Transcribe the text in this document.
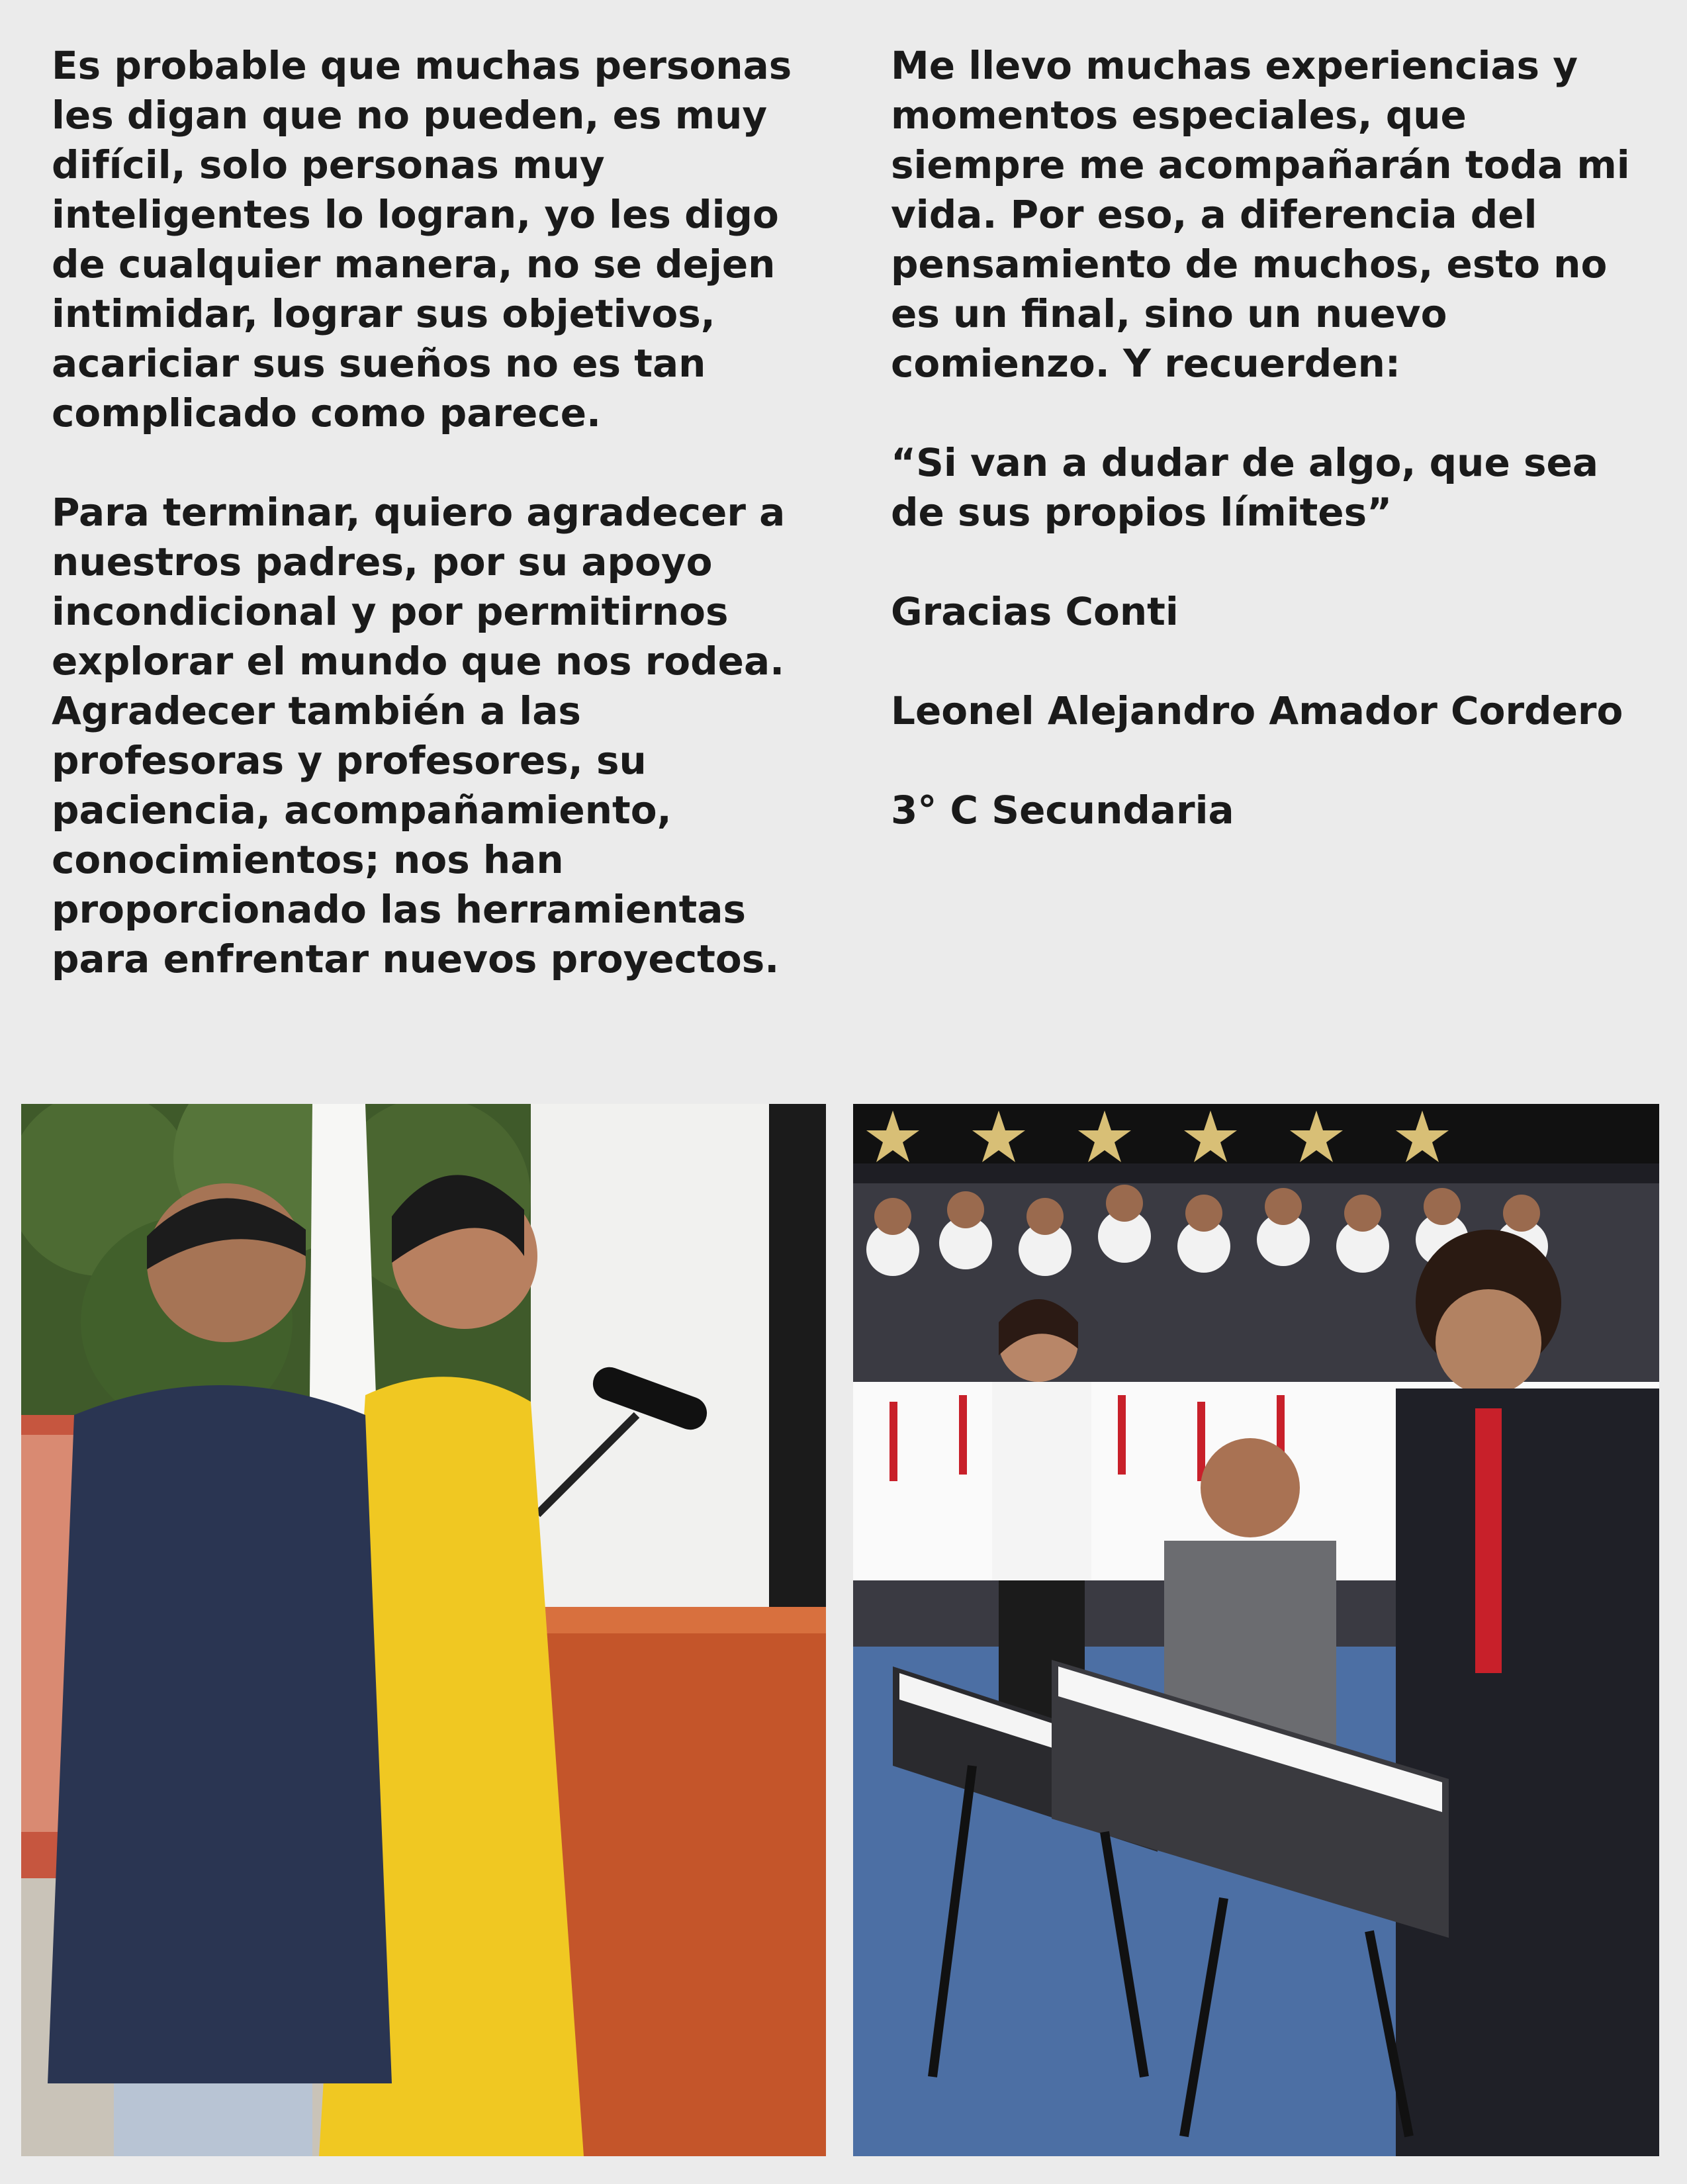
Es probable que muchas personas
les digan que no pueden, es muy
difícil, solo personas muy
inteligentes lo logran, yo les digo
de cualquier manera, no se dejen
intimidar, lograr sus objetivos,
acariciar sus sueños no es tan
complicado como parece.

Para terminar, quiero agradecer a
nuestros padres, por su apoyo
incondicional y por permitirnos
explorar el mundo que nos rodea.
Agradecer también a las
profesoras y profesores, su
paciencia, acompañamiento,
conocimientos; nos han
proporcionado las herramientas
para enfrentar nuevos proyectos.

Me llevo muchas experiencias y
momentos especiales, que
siempre me acompañarán toda mi
vida. Por eso, a diferencia del
pensamiento de muchos, esto no
es un final, sino un nuevo
comienzo. Y recuerden:

“Si van a dudar de algo, que sea
de sus propios límites”

Gracias Conti

Leonel Alejandro Amador Cordero

3° C Secundaria
